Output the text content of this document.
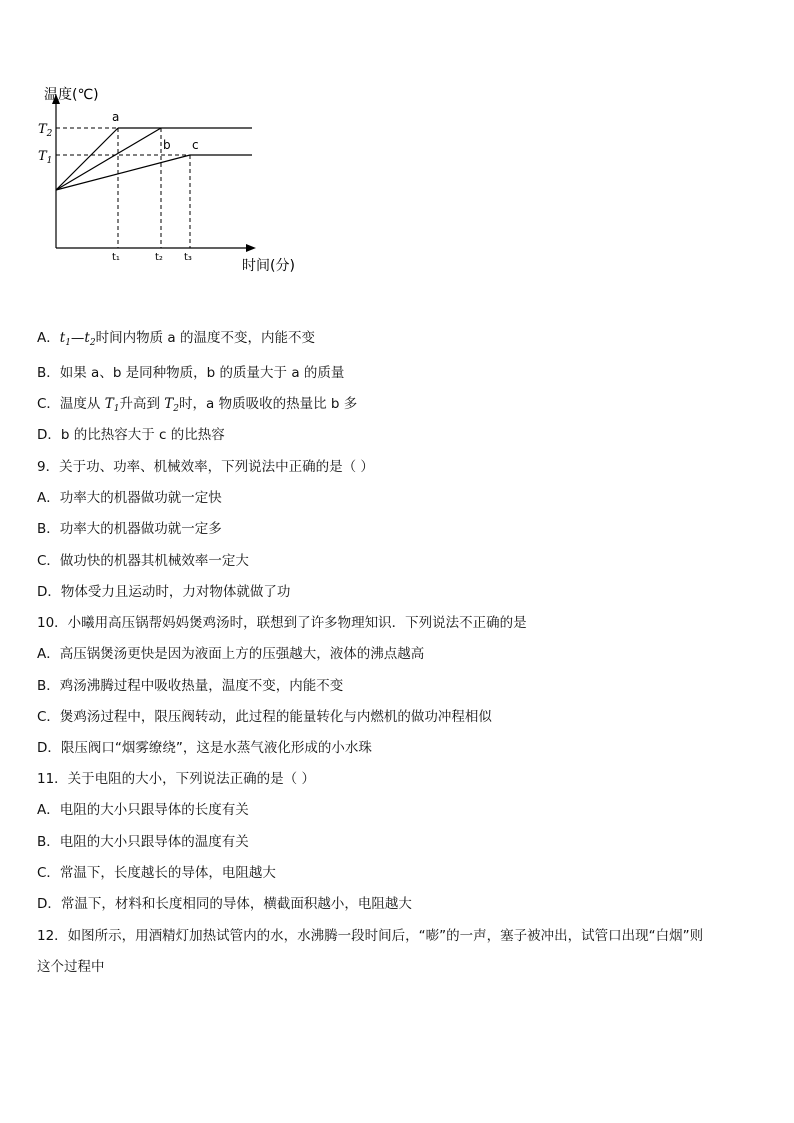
温度(℃)
时间(分)
a
b c
t₁	t₂ t₃
$T_2$
$T_1$
A．$t_1—t_2$时间内物质 a 的温度不变，内能不变
B．如果 a、b 是同种物质，b 的质量大于 a 的质量
C．温度从 $T_1$升高到 $T_2$时，a 物质吸收的热量比 b 多
D．b 的比热容大于 c 的比热容
9．关于功、功率、机械效率，下列说法中正确的是（ ）
A．功率大的机器做功就一定快
B．功率大的机器做功就一定多
C．做功快的机器其机械效率一定大
D．物体受力且运动时，力对物体就做了功
10．小曦用高压锅帮妈妈煲鸡汤时，联想到了许多物理知识．下列说法不正确的是
A．高压锅煲汤更快是因为液面上方的压强越大，液体的沸点越高
B．鸡汤沸腾过程中吸收热量，温度不变，内能不变
C．煲鸡汤过程中，限压阀转动，此过程的能量转化与内燃机的做功冲程相似
D．限压阀口“烟雾缭绕”，这是水蒸气液化形成的小水珠
11．关于电阻的大小，下列说法正确的是（ ）
A．电阻的大小只跟导体的长度有关
B．电阻的大小只跟导体的温度有关
C．常温下，长度越长的导体，电阻越大
D．常温下，材料和长度相同的导体，横截面积越小，电阻越大
12．如图所示，用酒精灯加热试管内的水，水沸腾一段时间后，“嘭”的一声，塞子被冲出，试管口出现“白烟”则
这个过程中
